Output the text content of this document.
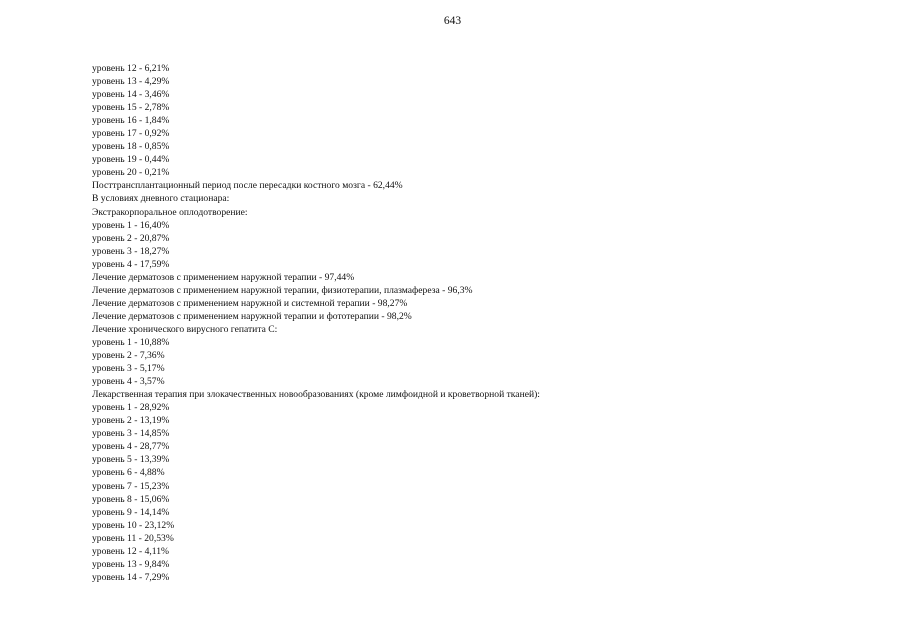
643
уровень 12 - 6,21%
уровень 13 - 4,29%
уровень 14 - 3,46%
уровень 15 - 2,78%
уровень 16 - 1,84%
уровень 17 - 0,92%
уровень 18 - 0,85%
уровень 19 - 0,44%
уровень 20 - 0,21%
Посттрансплантационный период после пересадки костного мозга - 62,44%
В условиях дневного стационара:
Экстракорпоральное оплодотворение:
уровень 1 - 16,40%
уровень 2 - 20,87%
уровень 3 - 18,27%
уровень 4 - 17,59%
Лечение дерматозов с применением наружной терапии - 97,44%
Лечение дерматозов с применением наружной терапии, физиотерапии, плазмафереза - 96,3%
Лечение дерматозов с применением наружной и системной терапии - 98,27%
Лечение дерматозов с применением наружной терапии и фототерапии - 98,2%
Лечение хронического вирусного гепатита C:
уровень 1 - 10,88%
уровень 2 - 7,36%
уровень 3 - 5,17%
уровень 4 - 3,57%
Лекарственная терапия при злокачественных новообразованиях (кроме лимфоидной и кроветворной тканей):
уровень 1 - 28,92%
уровень 2 - 13,19%
уровень 3 - 14,85%
уровень 4 - 28,77%
уровень 5 - 13,39%
уровень 6 - 4,88%
уровень 7 - 15,23%
уровень 8 - 15,06%
уровень 9 - 14,14%
уровень 10 - 23,12%
уровень 11 - 20,53%
уровень 12 - 4,11%
уровень 13 - 9,84%
уровень 14 - 7,29%
